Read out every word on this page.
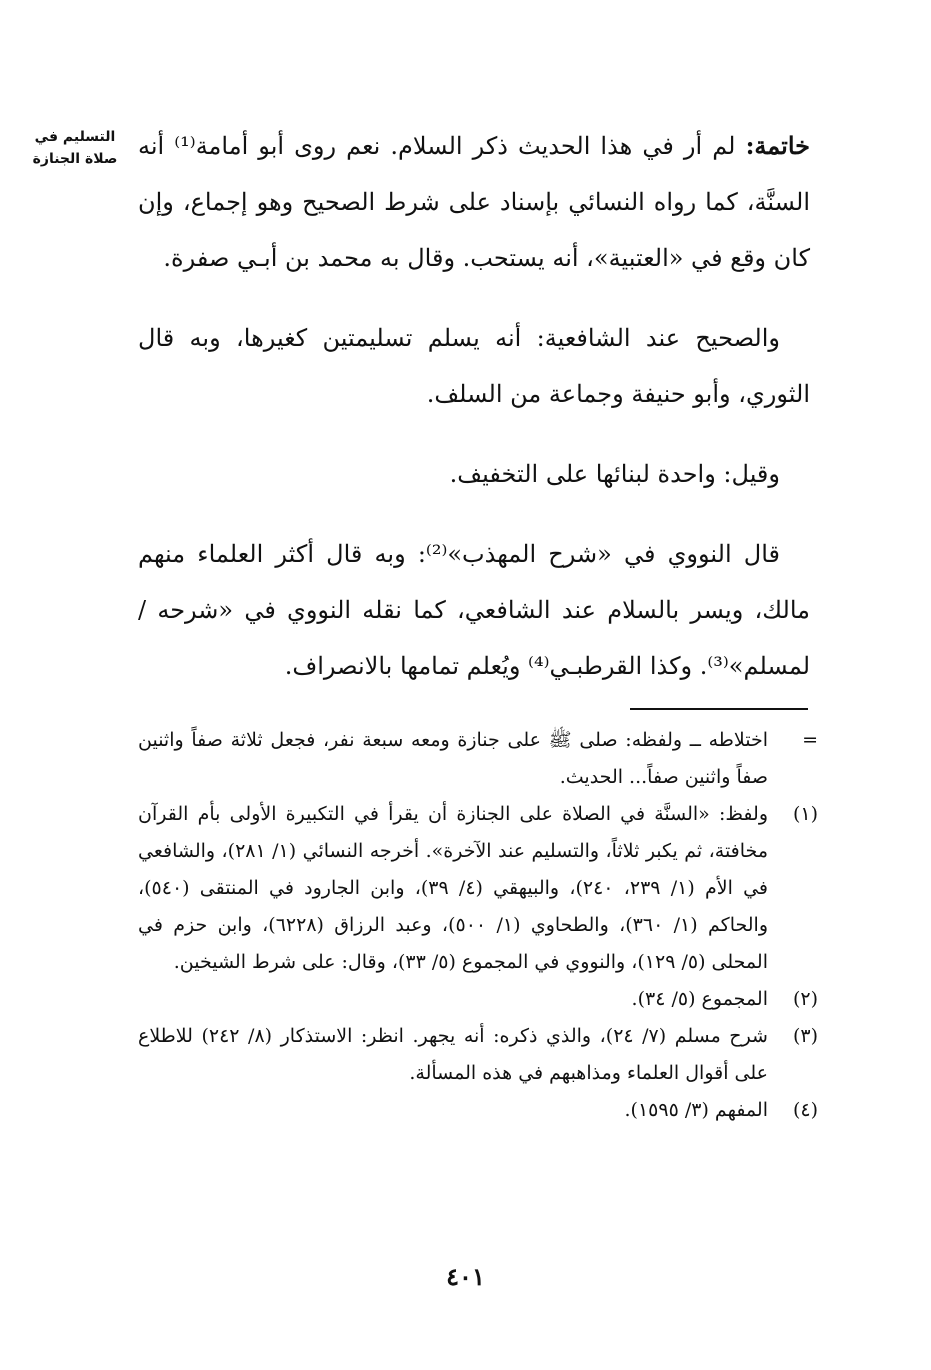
التسليم في
صلاة الجنازة	خاتمة: لم أر في هذا الحديث ذكر السلام. نعم روى أبو أمامة⁽¹⁾ أنه السنَّة، كما رواه النسائي بإسناد على شرط الصحيح وهو إجماع، وإن كان وقع في «العتبية»، أنه يستحب. وقال به محمد بن أبـي صفرة.

والصحيح عند الشافعية: أنه يسلم تسليمتين كغيرها، وبه قال الثوري، وأبو حنيفة وجماعة من السلف.

وقيل: واحدة لبنائها على التخفيف.

قال النووي في «شرح المهذب»⁽²⁾: وبه قال أكثر العلماء منهم مالك، ويسر بالسلام عند الشافعي، كما نقله النووي في «شرحه / لمسلم»⁽³⁾. وكذا القرطبـي⁽⁴⁾ ويُعلم تمامها بالانصراف.

=
اختلاطه ــ ولفظه: صلى ﷺ على جنازة ومعه سبعة نفر، فجعل ثلاثة صفاً واثنين صفاً واثنين صفاً... الحديث.
(١)
ولفظ: «السنَّة في الصلاة على الجنازة أن يقرأ في التكبيرة الأولى بأم القرآن مخافتة، ثم يكبر ثلاثاً، والتسليم عند الآخرة». أخرجه النسائي (١/ ٢٨١)، والشافعي في الأم (١/ ٢٣٩، ٢٤٠)، والبيهقي (٤/ ٣٩)، وابن الجارود في المنتقى (٥٤٠)، والحاكم (١/ ٣٦٠)، والطحاوي (١/ ٥٠٠)، وعبد الرزاق (٦٢٢٨)، وابن حزم في المحلى (٥/ ١٢٩)، والنووي في المجموع (٥/ ٣٣)، وقال: على شرط الشيخين.
(٢)
المجموع (٥/ ٣٤).
(٣)
شرح مسلم (٧/ ٢٤)، والذي ذكره: أنه يجهر. انظر: الاستذكار (٨/ ٢٤٢) للاطلاع على أقوال العلماء ومذاهبهم في هذه المسألة.
(٤)
المفهم (٣/ ١٥٩٥).
٤٠١
